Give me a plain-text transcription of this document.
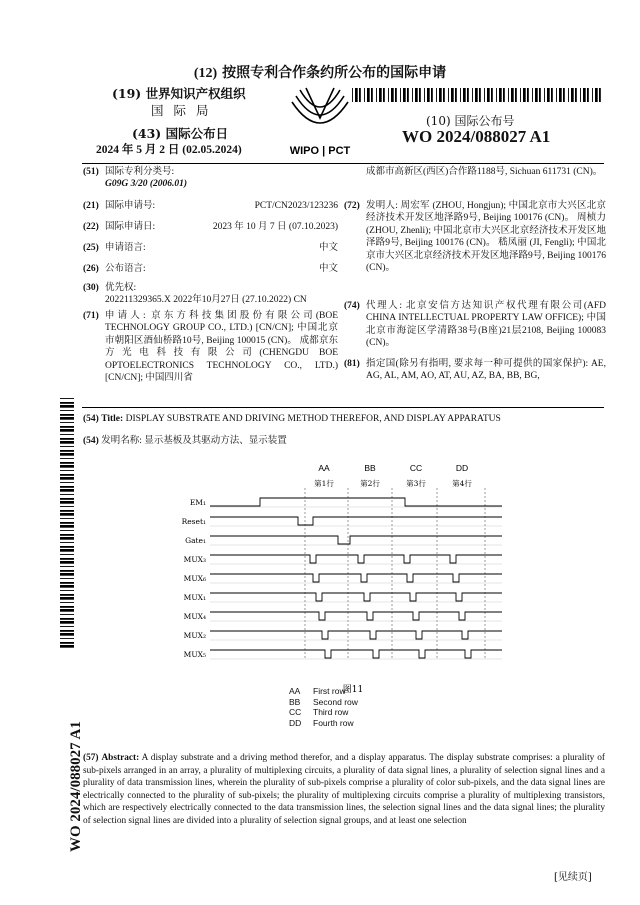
(12) 按照专利合作条约所公布的国际申请
(19) 世界知识产权组织
国 际 局
(43) 国际公布日
2024 年 5 月 2 日 (02.05.2024)	WIPO | PCT
(10) 国际公布号
WO 2024/088027 A1
(51) 国际专利分类号:
G09G 3/20 (2006.01)
(21) 国际申请号:	PCT/CN2023/123236
(22) 国际申请日:	2023 年 10 月 7 日 (07.10.2023)
(25) 申请语言:	中文
(26) 公布语言:	中文
(30) 优先权:
202211329365.X 2022年10月27日 (27.10.2022) CN
(71) 申请人: 京东方科技集团股份有限公司(BOE TECHNOLOGY GROUP CO., LTD.) [CN/CN]; 中国北京市朝阳区酒仙桥路10号, Beijing 100015 (CN)。 成都京东方光电科技有限公司(CHENGDU BOE OPTOELECTRONICS TECHNOLOGY CO., LTD.) [CN/CN]; 中国四川省
成都市高新区(西区)合作路1188号, Sichuan 611731 (CN)。
(72) 发明人: 周宏军 (ZHOU, Hongjun); 中国北京市大兴区北京经济技术开发区地泽路9号, Beijing 100176 (CN)。 周桢力 (ZHOU, Zhenli); 中国北京市大兴区北京经济技术开发区地泽路9号, Beijing 100176 (CN)。 嵇凤丽 (JI, Fengli); 中国北京市大兴区北京经济技术开发区地泽路9号, Beijing 100176 (CN)。
(74) 代理人: 北京安信方达知识产权代理有限公司(AFD CHINA INTELLECTUAL PROPERTY LAW OFFICE); 中国北京市海淀区学清路38号(B座)21层2108, Beijing 100083 (CN)。
(81) 指定国(除另有指明, 要求每一种可提供的国家保护): AE, AG, AL, AM, AO, AT, AU, AZ, BA, BB, BG,
(54) Title: DISPLAY SUBSTRATE AND DRIVING METHOD THEREFOR, AND DISPLAY APPARATUS
(54) 发明名称: 显示基板及其驱动方法、显示装置
AA
第1行
BB
第2行
CC
第3行
DD
第4行
EM₁
Reset₁
Gate₁
MUX₃
MUX₆
MUX₁
MUX₄
MUX₂
MUX₅
图11
AA First row
BB Second row
CC Third row
DD Fourth row
(57) Abstract: A display substrate and a driving method therefor, and a display apparatus. The display substrate comprises: a plurality of sub-pixels arranged in an array, a plurality of multiplexing circuits, a plurality of data signal lines, a plurality of selection signal lines and a plurality of data transmission lines, wherein the plurality of sub-pixels comprise a plurality of color sub-pixels, and the data signal lines are electrically connected to the plurality of sub-pixels; the plurality of multiplexing circuits comprise a plurality of multiplexing transistors, which are respectively electrically connected to the data transmission lines, the selection signal lines and the data signal lines; the plurality of selection signal lines are divided into a plurality of selection signal groups, and at least one selection
WO 2024/088027 A1
[见续页]
